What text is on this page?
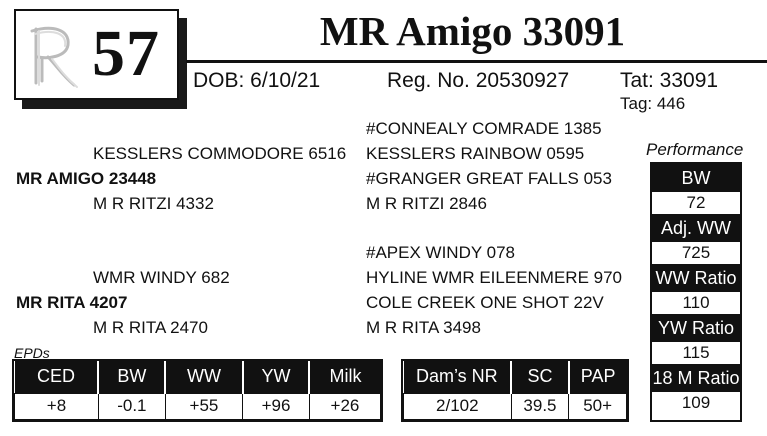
57	MR Amigo 33091
DOB: 6/10/21	Reg. No. 20530927 Tat: 33091
Tag: 446
#CONNEALY COMRADE 1385
KESSLERS COMMODORE 6516 KESSLERS RAINBOW 0595
MR AMIGO 23448	#GRANGER GREAT FALLS 053
M R RITZI 4332	M R RITZI 2846
#APEX WINDY 078
WMR WINDY 682	HYLINE WMR EILEENMERE 970
MR RITA 4207	COLE CREEK ONE SHOT 22V
M R RITA 2470	M R RITA 3498
Performance
BW
72
Adj. WW
725
WW Ratio
110
YW Ratio
115
18 M Ratio
109
EPDs
CED	BW	WW	YW	Milk
+8	-0.1	+55	+96	+26
Dam’s NR	SC	PAP
2/102	39.5	50+
